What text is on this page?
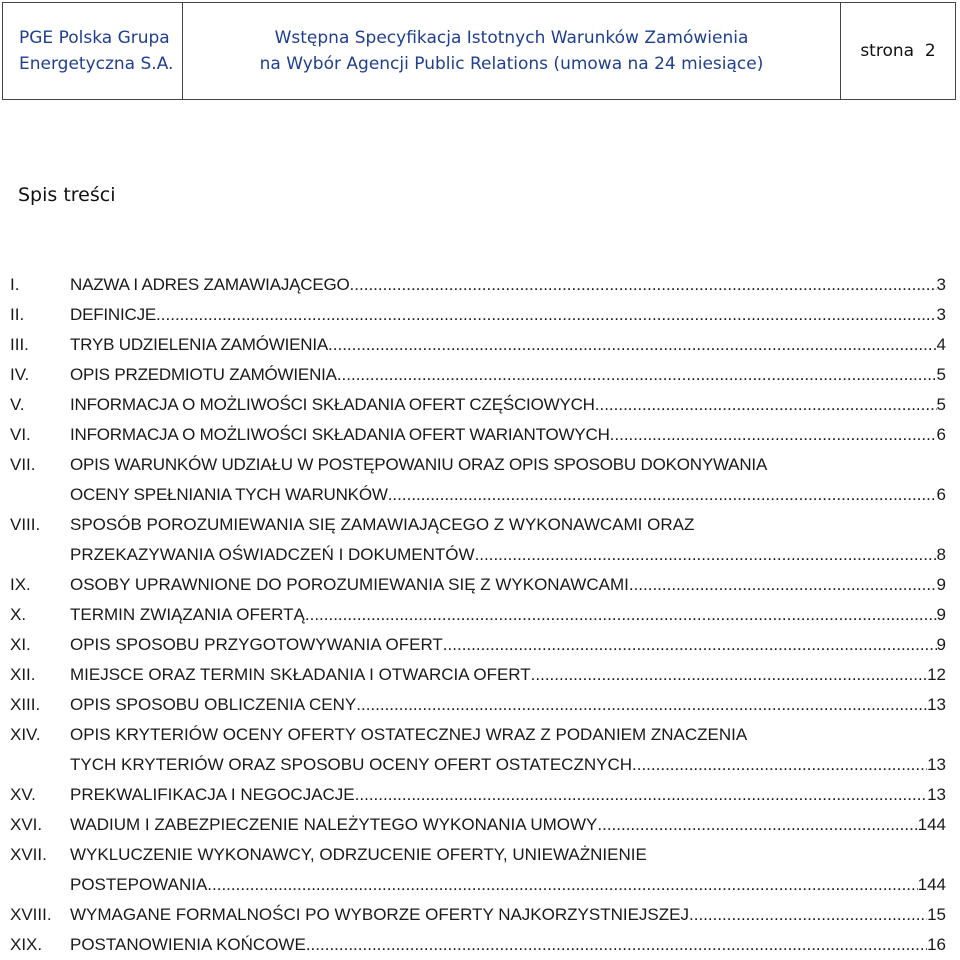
PGE Polska Grupa
Energetyczna S.A.
Wstępna Specyfikacja Istotnych Warunków Zamówienia
na Wybór Agencji Public Relations (umowa na 24 miesiące)
strona  2
Spis treści
I.	NAZWA I ADRES ZAMAWIAJĄCEGO .....	3
II.	DEFINICJE .....	3
III.	TRYB UDZIELENIA ZAMÓWIENIA .....	4
IV.	OPIS PRZEDMIOTU ZAMÓWIENIA .....	5
V.	INFORMACJA O MOŻLIWOŚCI SKŁADANIA OFERT CZĘŚCIOWYCH .....	5
VI.	INFORMACJA O MOŻLIWOŚCI SKŁADANIA OFERT WARIANTOWYCH .....	6
VII.	OPIS WARUNKÓW UDZIAŁU W POSTĘPOWANIU ORAZ OPIS SPOSOBU DOKONYWANIA
OCENY SPEŁNIANIA TYCH WARUNKÓW .....	6
VIII.	SPOSÓB POROZUMIEWANIA SIĘ ZAMAWIAJĄCEGO Z WYKONAWCAMI ORAZ
PRZEKAZYWANIA OŚWIADCZEŃ I DOKUMENTÓW .....	8
IX.	OSOBY UPRAWNIONE DO POROZUMIEWANIA SIĘ Z WYKONAWCAMI .....	9
X.	TERMIN ZWIĄZANIA OFERTĄ .....	9
XI.	OPIS SPOSOBU PRZYGOTOWYWANIA OFERT .....	9
XII.	MIEJSCE ORAZ TERMIN SKŁADANIA I OTWARCIA OFERT .....	12
XIII.	OPIS SPOSOBU OBLICZENIA CENY .....	13
XIV.	OPIS KRYTERIÓW OCENY OFERTY OSTATECZNEJ WRAZ Z PODANIEM ZNACZENIA
TYCH KRYTERIÓW ORAZ SPOSOBU OCENY OFERT OSTATECZNYCH .....	13
XV.	PREKWALIFIKACJA I NEGOCJACJE .....	13
XVI.	WADIUM I ZABEZPIECZENIE NALEŻYTEGO WYKONANIA UMOWY .....	144
XVII.	WYKLUCZENIE WYKONAWCY, ODRZUCENIE OFERTY, UNIEWAŻNIENIE
POSTEPOWANIA .....	144
XVIII.	WYMAGANE FORMALNOŚCI PO WYBORZE OFERTY NAJKORZYSTNIEJSZEJ .....	15
XIX.	POSTANOWIENIA KOŃCOWE .....	16
